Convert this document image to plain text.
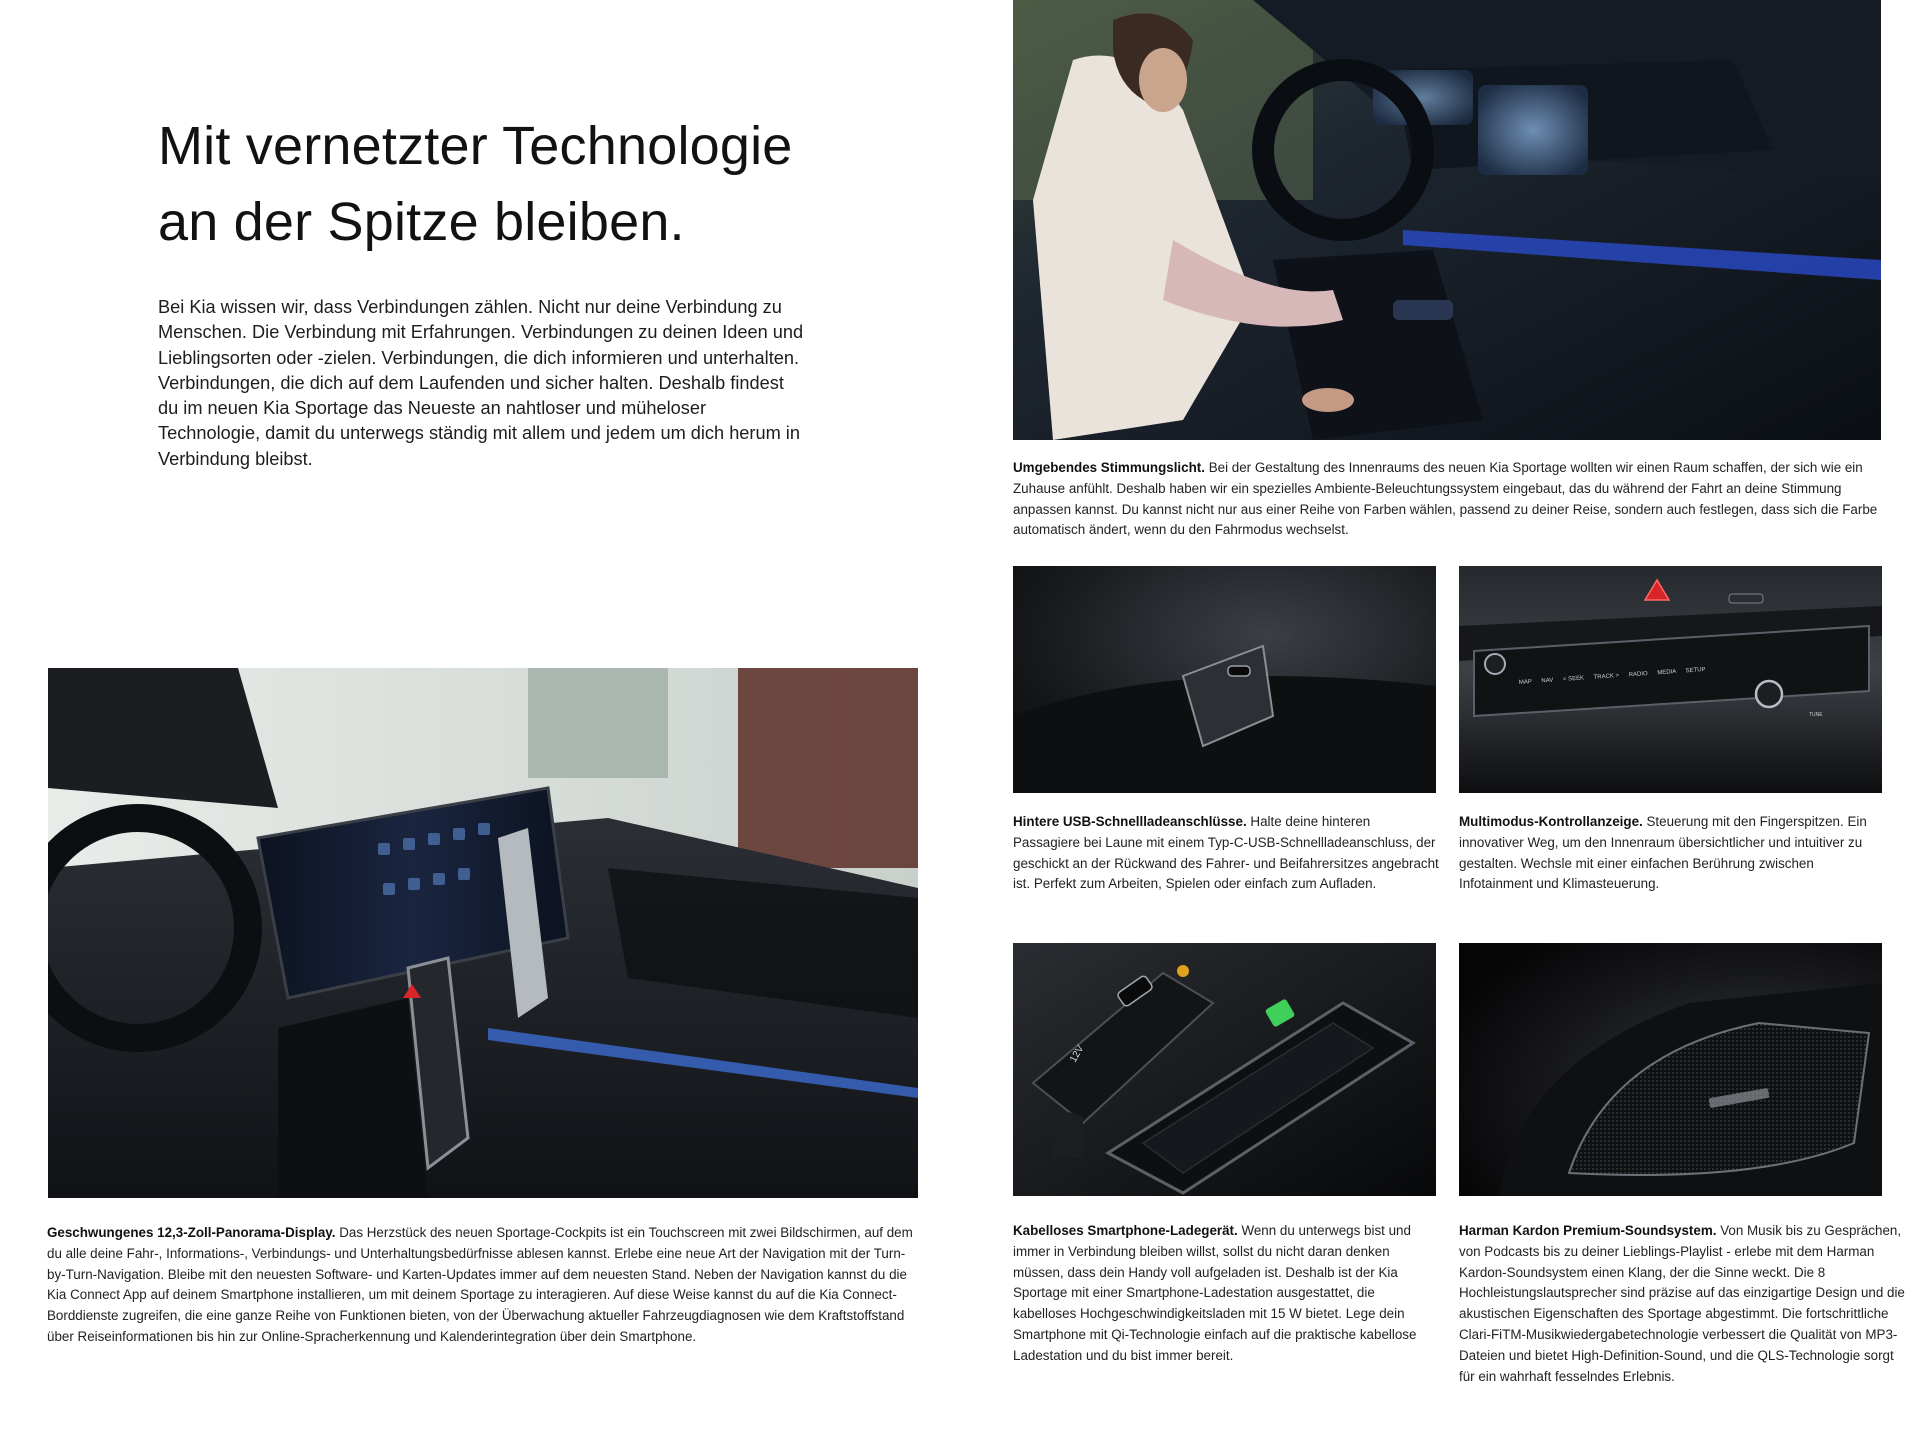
Mit vernetzter Technologie
an der Spitze bleiben.

Bei Kia wissen wir, dass Verbindungen zählen. Nicht nur deine Verbindung zu Menschen. Die Verbindung mit Erfahrungen. Verbindungen zu deinen Ideen und Lieblingsorten oder -zielen. Verbindungen, die dich informieren und unterhalten. Verbindungen, die dich auf dem Laufenden und sicher halten. Deshalb findest du im neuen Kia Sportage das Neueste an nahtloser und müheloser Technologie, damit du unterwegs ständig mit allem und jedem um dich herum in Verbindung bleibst.	Umgebendes Stimmungslicht. Bei der Gestaltung des Innenraums des neuen Kia Sportage wollten wir einen Raum schaffen, der sich wie ein Zuhause anfühlt. Deshalb haben wir ein spezielles Ambiente-Beleuchtungssystem eingebaut, das du während der Fahrt an deine Stimmung anpassen kannst. Du kannst nicht nur aus einer Reihe von Farben wählen, passend zu deiner Reise, sondern auch festlegen, dass sich die Farbe automatisch ändert, wenn du den Fahrmodus wechselst.

Hintere USB-Schnellladeanschlüsse. Halte deine hinteren Passagiere bei Laune mit einem Typ-C-USB-Schnellladeanschluss, der geschickt an der Rückwand des Fahrer- und Beifahrersitzes angebracht ist. Perfekt zum Arbeiten, Spielen oder einfach zum Aufladen.

MAP NAV < SEEK TRACK > RADIO MEDIA SETUP
TUNE

Multimodus-Kontrollanzeige. Steuerung mit den Fingerspitzen. Ein innovativer Weg, um den Innenraum übersichtlicher und intuitiver zu gestalten. Wechsle mit einer einfachen Berührung zwischen Infotainment und Klimasteuerung.

Geschwungenes 12,3-Zoll-Panorama-Display. Das Herzstück des neuen Sportage-Cockpits ist ein Touchscreen mit zwei Bildschirmen, auf dem du alle deine Fahr-, Informations-, Verbindungs- und Unterhaltungsbedürfnisse ablesen kannst. Erlebe eine neue Art der Navigation mit der Turn-by-Turn-Navigation. Bleibe mit den neuesten Software- und Karten-Updates immer auf dem neuesten Stand. Neben der Navigation kannst du die Kia Connect App auf deinem Smartphone installieren, um mit deinem Sportage zu interagieren. Auf diese Weise kannst du auf die Kia Connect-Borddienste zugreifen, die eine ganze Reihe von Funktionen bieten, von der Überwachung aktueller Fahrzeugdiagnosen wie dem Kraftstoffstand über Reiseinformationen bis hin zur Online-Spracherkennung und Kalenderintegration über dein Smartphone.

12V

Kabelloses Smartphone-Ladegerät. Wenn du unterwegs bist und immer in Verbindung bleiben willst, sollst du nicht daran denken müssen, dass dein Handy voll aufgeladen ist. Deshalb ist der Kia Sportage mit einer Smartphone-Ladestation ausgestattet, die kabelloses Hochgeschwindigkeitsladen mit 15 W bietet. Lege dein Smartphone mit Qi-Technologie einfach auf die praktische kabellose Ladestation und du bist immer bereit.

Harman Kardon Premium-Soundsystem. Von Musik bis zu Gesprächen, von Podcasts bis zu deiner Lieblings-Playlist - erlebe mit dem Harman Kardon-Soundsystem einen Klang, der die Sinne weckt. Die 8 Hochleistungslautsprecher sind präzise auf das einzigartige Design und die akustischen Eigenschaften des Sportage abgestimmt. Die fortschrittliche Clari-FiTM-Musikwiedergabetechnologie verbessert die Qualität von MP3-Dateien und bietet High-Definition-Sound, und die QLS-Technologie sorgt für ein wahrhaft fesselndes Erlebnis.
